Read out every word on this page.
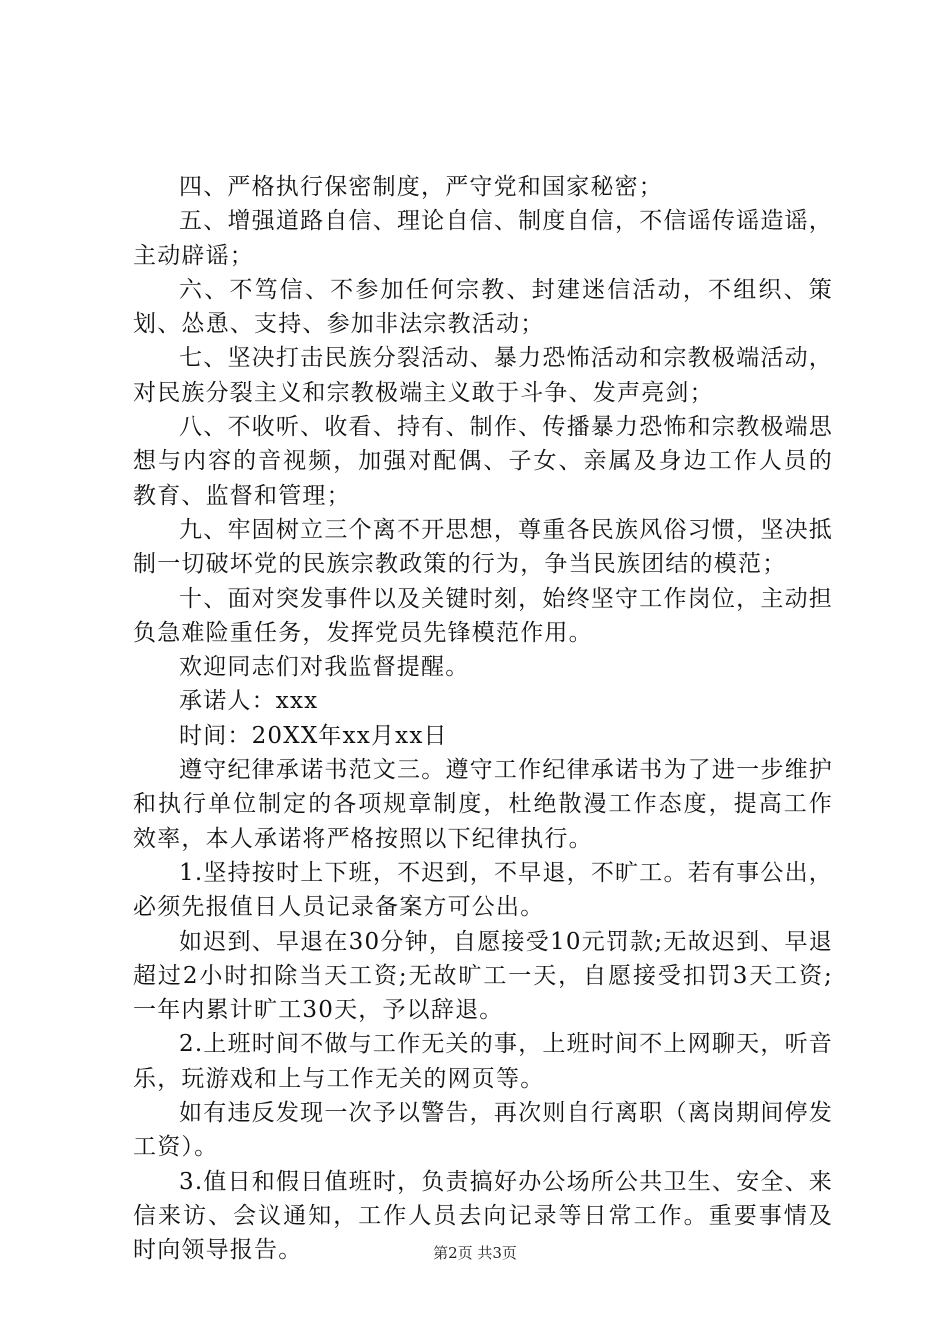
四、严格执行保密制度，严守党和国家秘密；

五、增强道路自信、理论自信、制度自信，不信谣传谣造谣，主动辟谣；

六、不笃信、不参加任何宗教、封建迷信活动，不组织、策划、怂恿、支持、参加非法宗教活动；

七、坚决打击民族分裂活动、暴力恐怖活动和宗教极端活动，对民族分裂主义和宗教极端主义敢于斗争、发声亮剑；

八、不收听、收看、持有、制作、传播暴力恐怖和宗教极端思想与内容的音视频，加强对配偶、子女、亲属及身边工作人员的教育、监督和管理；

九、牢固树立三个离不开思想，尊重各民族风俗习惯，坚决抵制一切破坏党的民族宗教政策的行为，争当民族团结的模范；

十、面对突发事件以及关键时刻，始终坚守工作岗位，主动担负急难险重任务，发挥党员先锋模范作用。

欢迎同志们对我监督提醒。

承诺人：xxx

时间：20XX年xx月xx日

遵守纪律承诺书范文三。遵守工作纪律承诺书为了进一步维护和执行单位制定的各项规章制度，杜绝散漫工作态度，提高工作效率，本人承诺将严格按照以下纪律执行。

1.坚持按时上下班，不迟到，不早退，不旷工。若有事公出，必须先报值日人员记录备案方可公出。

如迟到、早退在30分钟，自愿接受10元罚款;无故迟到、早退超过2小时扣除当天工资;无故旷工一天，自愿接受扣罚3天工资;一年内累计旷工30天，予以辞退。

2.上班时间不做与工作无关的事，上班时间不上网聊天，听音乐，玩游戏和上与工作无关的网页等。

如有违反发现一次予以警告，再次则自行离职（离岗期间停发工资）。

3.值日和假日值班时，负责搞好办公场所公共卫生、安全、来信来访、会议通知，工作人员去向记录等日常工作。重要事情及时向领导报告。	第2页 共3页
